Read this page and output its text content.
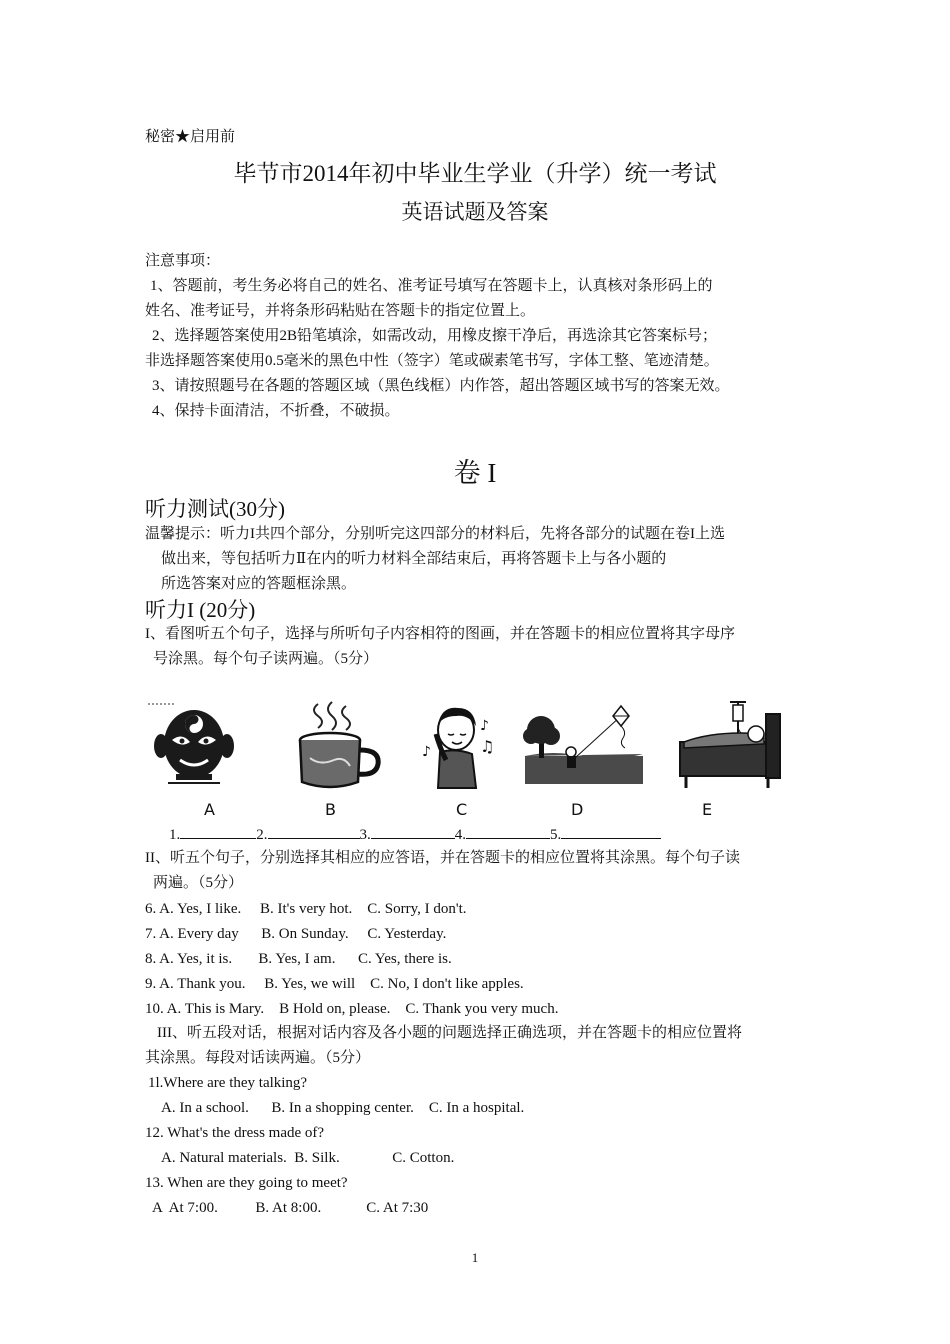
秘密★启用前
毕节市2014年初中毕业生学业（升学）统一考试
英语试题及答案
注意事项：
1、答题前，考生务必将自己的姓名、准考证号填写在答题卡上，认真核对条形码上的
姓名、准考证号，并将条形码粘贴在答题卡的指定位置上。
2、选择题答案使用2B铅笔填涂，如需改动，用橡皮擦干净后，再选涂其它答案标号；
非选择题答案使用0.5毫米的黑色中性（签字）笔或碳素笔书写，字体工整、笔迹清楚。
3、请按照题号在各题的答题区域（黑色线框）内作答，超出答题区域书写的答案无效。
4、保持卡面清洁，不折叠，不破损。
卷 I
听力测试(30分)
温馨提示：听力I共四个部分，分别听完这四部分的材料后，先将各部分的试题在卷I上选
做出来，等包括听力Ⅱ在内的听力材料全部结束后，再将答题卡上与各小题的
所选答案对应的答题框涂黑。
听力I (20分)
I、看图听五个句子，选择与所听句子内容相符的图画，并在答题卡的相应位置将其字母序
号涂黑。每个句子读两遍。（5分）
♪
♪
♫
A	B	C	D	E
1.	2.	3.	4.	5.
II、听五个句子，分别选择其相应的应答语，并在答题卡的相应位置将其涂黑。每个句子读
两遍。（5分）
6. A. Yes, I like.     B. It's very hot.    C. Sorry, I don't.
7. A. Every day      B. On Sunday.     C. Yesterday.
8. A. Yes, it is.       B. Yes, I am.      C. Yes, there is.
9. A. Thank you.     B. Yes, we will    C. No, I don't like apples.
10. A. This is Mary.    B Hold on, please.    C. Thank you very much.
III、听五段对话，根据对话内容及各小题的问题选择正确选项，并在答题卡的相应位置将
其涂黑。每段对话读两遍。（5分）
1l.Where are they talking?
A. In a school.      B. In a shopping center.    C. In a hospital.
12. What's the dress made of?
A. Natural materials.  B. Silk.              C. Cotton.
13. When are they going to meet?
A  At 7:00.          B. At 8:00.            C. At 7:30
1
